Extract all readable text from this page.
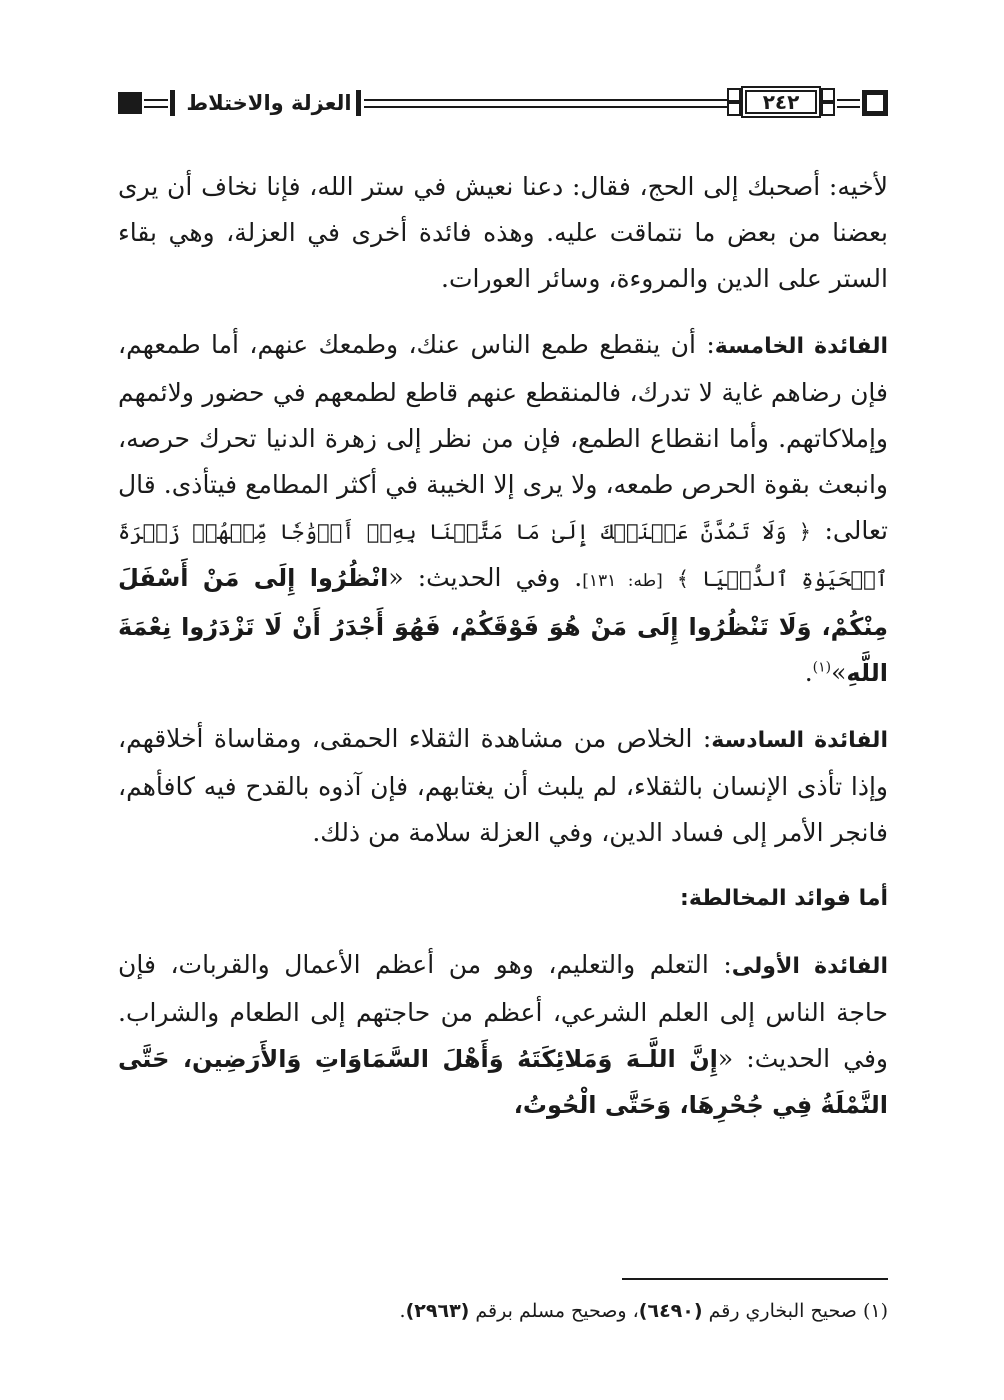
العزلة والاختلاط	٢٤٢

لأخيه: أصحبك إلى الحج، فقال: دعنا نعيش في ستر الله، فإنا نخاف أن يرى بعضنا من بعض ما نتماقت عليه. وهذه فائدة أخرى في العزلة، وهي بقاء الستر على الدين والمروءة، وسائر العورات.

الفائدة الخامسة: أن ينقطع طمع الناس عنك، وطمعك عنهم، أما طمعهم، فإن رضاهم غاية لا تدرك، فالمنقطع عنهم قاطع لطمعهم في حضور ولائمهم وإملاكاتهم. وأما انقطاع الطمع، فإن من نظر إلى زهرة الدنيا تحرك حرصه، وانبعث بقوة الحرص طمعه، ولا يرى إلا الخيبة في أكثر المطامع فيتأذى. قال تعالى: ﴿ وَلَا تَمُدَّنَّ عَيۡنَيۡكَ إِلَىٰ مَا مَتَّعۡنَا بِهِۦٓ أَزۡوَٰجٗا مِّنۡهُمۡ زَهۡرَةَ ٱلۡحَيَوٰةِ ٱلدُّنۡيَا ﴾ [طه: ١٣١]. وفي الحديث: «انْظُرُوا إِلَى مَنْ أَسْفَلَ مِنْكُمْ، وَلَا تَنْظُرُوا إِلَى مَنْ هُوَ فَوْقَكُمْ، فَهُوَ أَجْدَرُ أَنْ لَا تَزْدَرُوا نِعْمَةَ اللَّهِ»$^{(١)}$.

الفائدة السادسة: الخلاص من مشاهدة الثقلاء الحمقى، ومقاساة أخلاقهم، وإذا تأذى الإنسان بالثقلاء، لم يلبث أن يغتابهم، فإن آذوه بالقدح فيه كافأهم، فانجر الأمر إلى فساد الدين، وفي العزلة سلامة من ذلك.

أما فوائد المخالطة:

الفائدة الأولى: التعلم والتعليم، وهو من أعظم الأعمال والقربات، فإن حاجة الناس إلى العلم الشرعي، أعظم من حاجتهم إلى الطعام والشراب. وفي الحديث: «إِنَّ اللَّـهَ وَمَلائِكَتَهُ وَأَهْلَ السَّمَاوَاتِ وَالأَرَضِين، حَتَّى النَّمْلَةُ فِي جُحْرِهَا، وَحَتَّى الْحُوتُ،

(١) صحيح البخاري رقم (٦٤٩٠)، وصحيح مسلم برقم (٢٩٦٣).
